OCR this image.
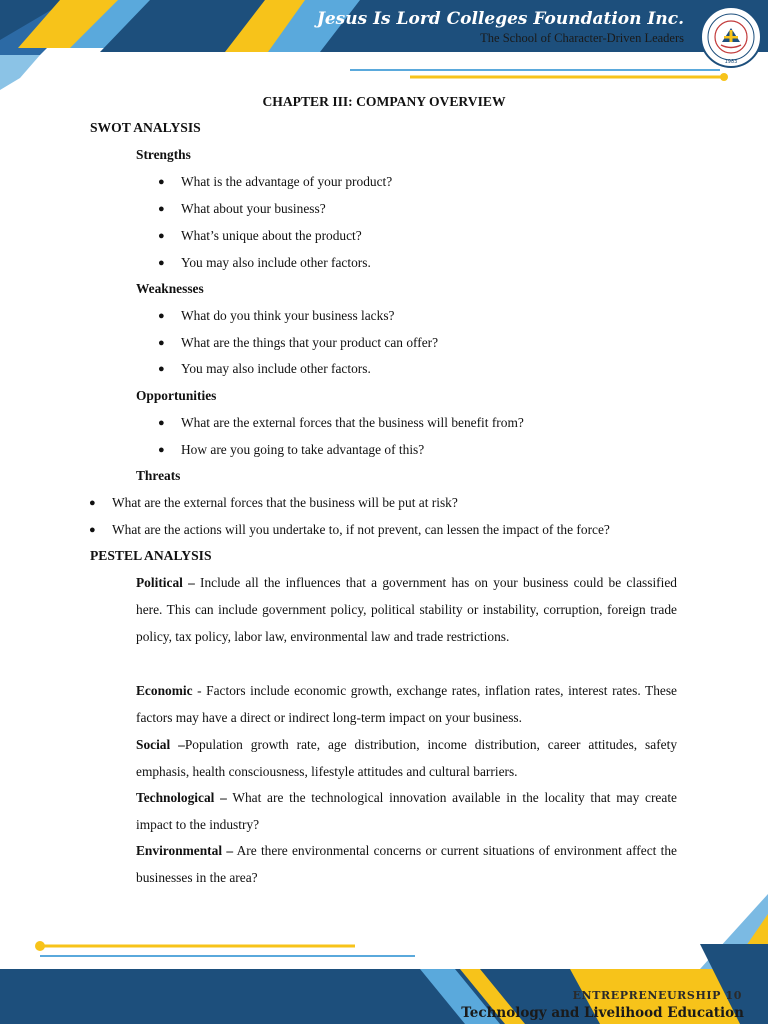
Jesus Is Lord Colleges Foundation Inc.
The School of Character-Driven Leaders
1983
CHAPTER III: COMPANY OVERVIEW
SWOT ANALYSIS
Strengths
● What is the advantage of your product?
● What about your business?
● What’s unique about the product?
● You may also include other factors.
Weaknesses
● What do you think your business lacks?
● What are the things that your product can offer?
● You may also include other factors.
Opportunities
● What are the external forces that the business will benefit from?
● How are you going to take advantage of this?
Threats
● What are the external forces that the business will be put at risk?
● What are the actions will you undertake to, if not prevent, can lessen the impact of the force?
PESTEL ANALYSIS
Political – Include all the influences that a government has on your business could be classified here. This can include government policy, political stability or instability, corruption, foreign trade policy, tax policy, labor law, environmental law and trade restrictions.
Economic - Factors include economic growth, exchange rates, inflation rates, interest rates. These factors may have a direct or indirect long-term impact on your business.
Social –Population growth rate, age distribution, income distribution, career attitudes, safety emphasis, health consciousness, lifestyle attitudes and cultural barriers.
Technological – What are the technological innovation available in the locality that may create impact to the industry?
Environmental – Are there environmental concerns or current situations of environment affect the businesses in the area?
ENTREPRENEURSHIP 10
Technology and Livelihood Education
